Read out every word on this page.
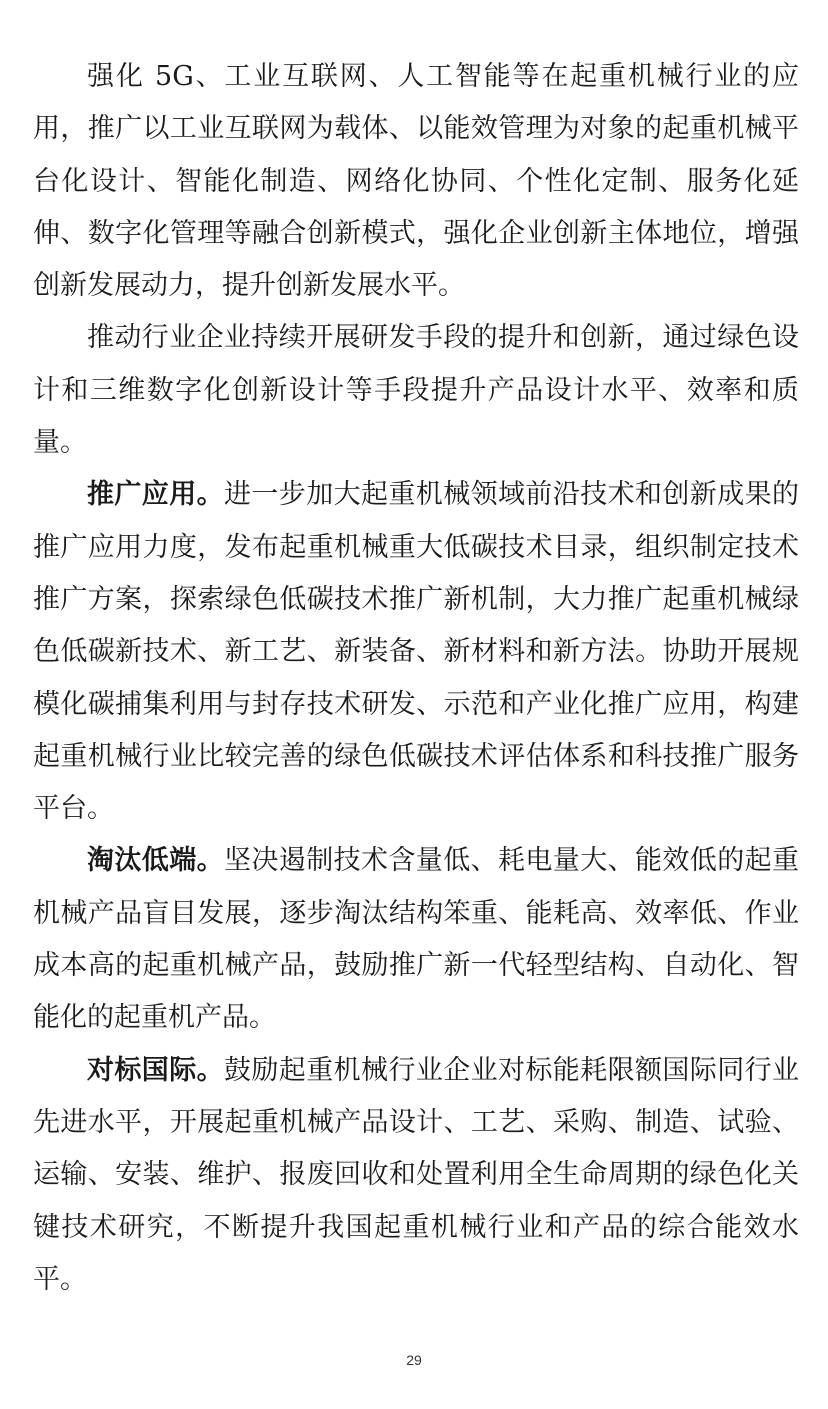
强化 5G、工业互联网、人工智能等在起重机械行业的应用，推广以工业互联网为载体、以能效管理为对象的起重机械平台化设计、智能化制造、网络化协同、个性化定制、服务化延伸、数字化管理等融合创新模式，强化企业创新主体地位，增强创新发展动力，提升创新发展水平。

推动行业企业持续开展研发手段的提升和创新，通过绿色设计和三维数字化创新设计等手段提升产品设计水平、效率和质量。

推广应用。进一步加大起重机械领域前沿技术和创新成果的推广应用力度，发布起重机械重大低碳技术目录，组织制定技术推广方案，探索绿色低碳技术推广新机制，大力推广起重机械绿色低碳新技术、新工艺、新装备、新材料和新方法。协助开展规模化碳捕集利用与封存技术研发、示范和产业化推广应用，构建起重机械行业比较完善的绿色低碳技术评估体系和科技推广服务平台。

淘汰低端。坚决遏制技术含量低、耗电量大、能效低的起重机械产品盲目发展，逐步淘汰结构笨重、能耗高、效率低、作业成本高的起重机械产品，鼓励推广新一代轻型结构、自动化、智能化的起重机产品。

对标国际。鼓励起重机械行业企业对标能耗限额国际同行业先进水平，开展起重机械产品设计、工艺、采购、制造、试验、运输、安装、维护、报废回收和处置利用全生命周期的绿色化关键技术研究，不断提升我国起重机械行业和产品的综合能效水平。

29
